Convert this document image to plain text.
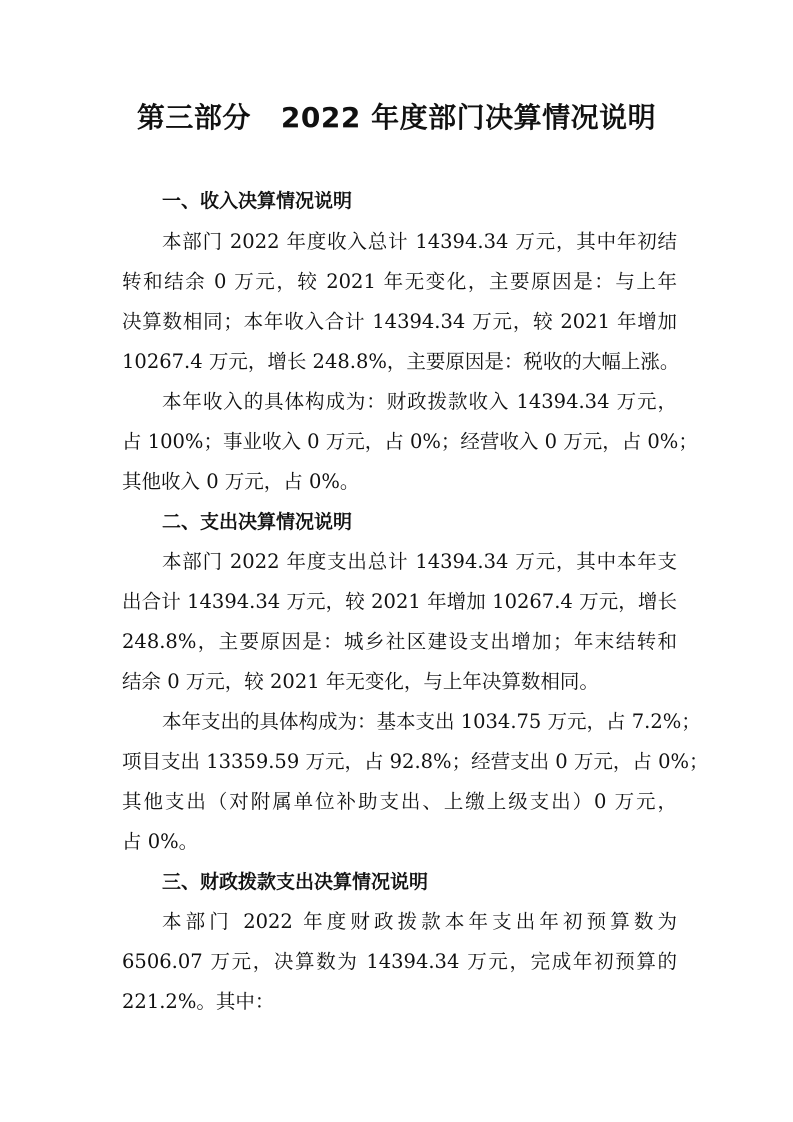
第三部分 2022 年度部门决算情况说明
一、收入决算情况说明
本部门 2022 年度收入总计 14394.34 万元，其中年初结
转和结余 0 万元，较 2021 年无变化，主要原因是：与上年
决算数相同；本年收入合计 14394.34 万元，较 2021 年增加
10267.4 万元，增长 248.8%，主要原因是：税收的大幅上涨。
本年收入的具体构成为：财政拨款收入 14394.34 万元，
占 100%；事业收入 0 万元，占 0%；经营收入 0 万元，占 0%；
其他收入 0 万元，占 0%。
二、支出决算情况说明
本部门 2022 年度支出总计 14394.34 万元，其中本年支
出合计 14394.34 万元，较 2021 年增加 10267.4 万元，增长
248.8%，主要原因是：城乡社区建设支出增加；年末结转和
结余 0 万元，较 2021 年无变化，与上年决算数相同。
本年支出的具体构成为：基本支出 1034.75 万元，占 7.2%；
项目支出 13359.59 万元，占 92.8%；经营支出 0 万元，占 0%；
其他支出（对附属单位补助支出、上缴上级支出）0 万元，
占 0%。
三、财政拨款支出决算情况说明
本部门 2022 年度财政拨款本年支出年初预算数为
6506.07 万元，决算数为 14394.34 万元，完成年初预算的
221.2%。其中：
